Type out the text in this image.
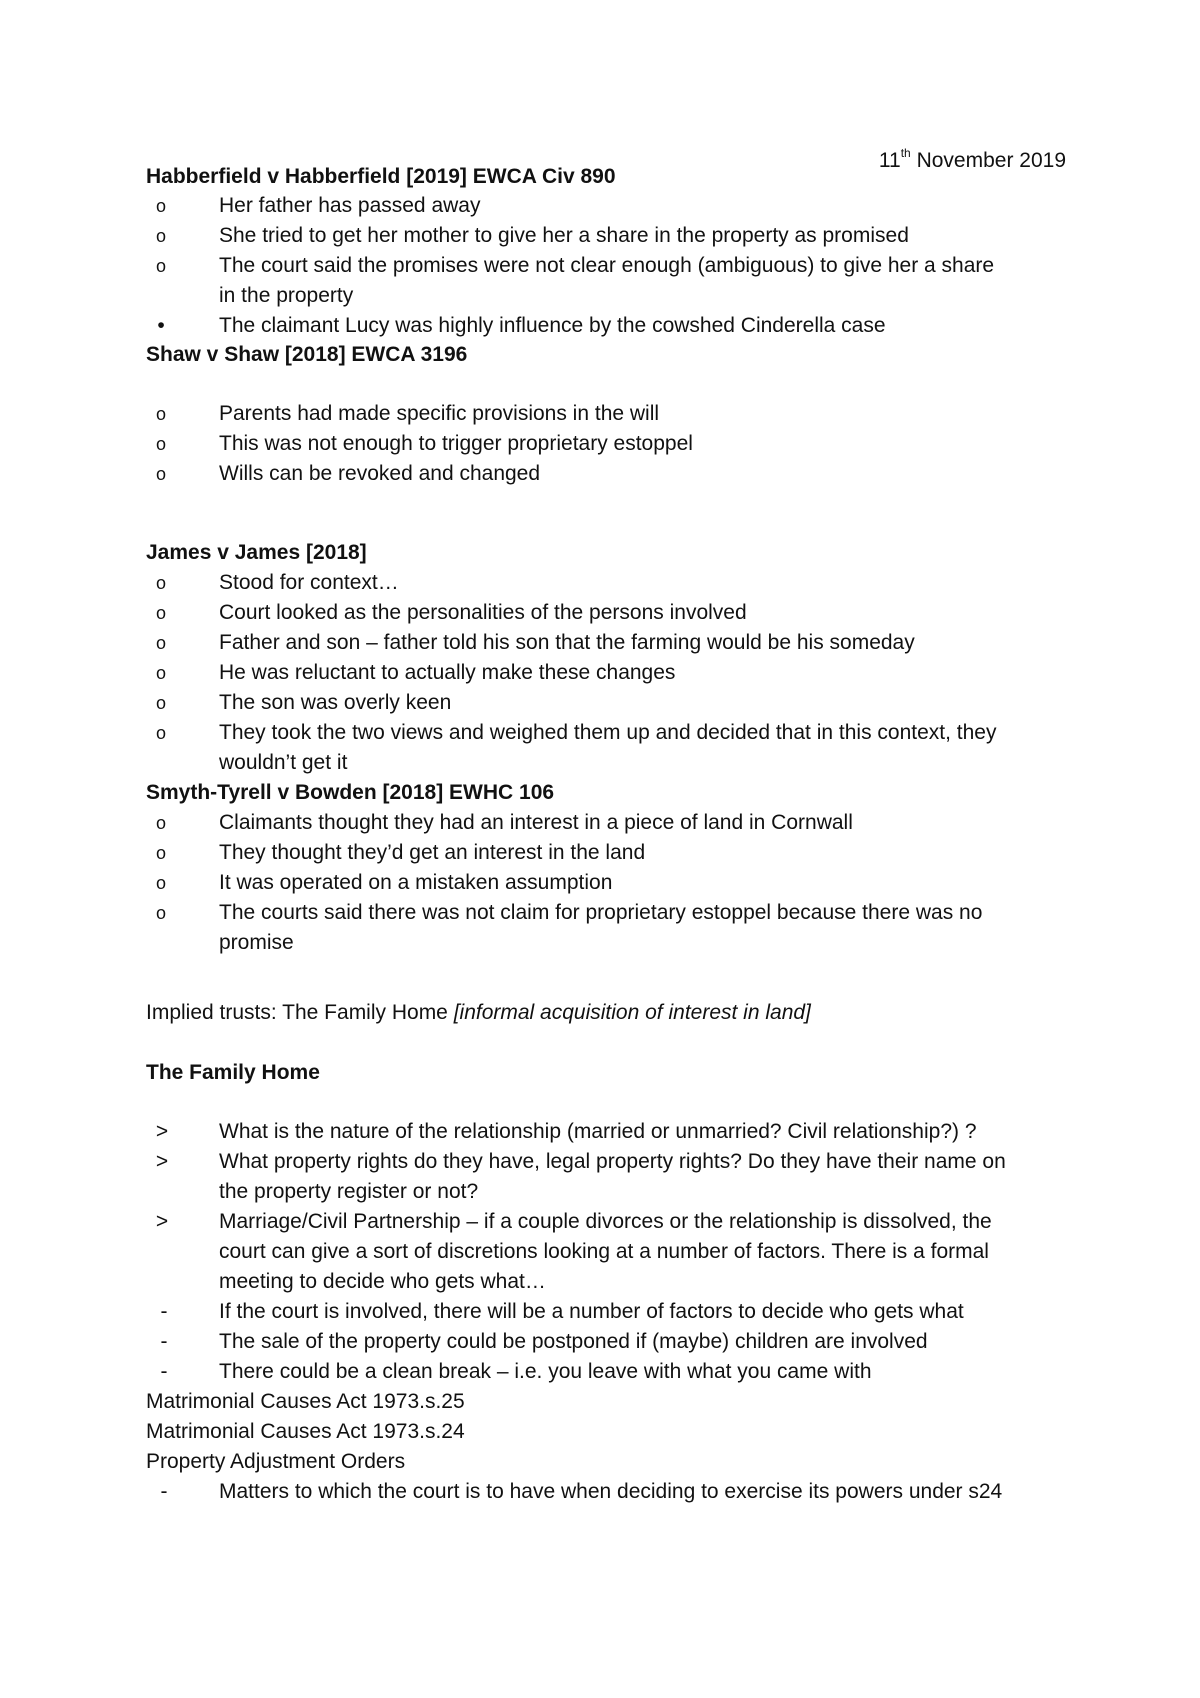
11th November 2019
Habberfield v Habberfield [2019] EWCA Civ 890
o	Her father has passed away
o	She tried to get her mother to give her a share in the property as promised
o	The court said the promises were not clear enough (ambiguous) to give her a share
in the property
•	The claimant Lucy was highly influence by the cowshed Cinderella case
Shaw v Shaw [2018] EWCA 3196
o	Parents had made specific provisions in the will
o	This was not enough to trigger proprietary estoppel
o	Wills can be revoked and changed
James v James [2018]
o	Stood for context…
o	Court looked as the personalities of the persons involved
o	Father and son – father told his son that the farming would be his someday
o	He was reluctant to actually make these changes
o	The son was overly keen
o	They took the two views and weighed them up and decided that in this context, they
wouldn’t get it
Smyth-Tyrell v Bowden [2018] EWHC 106
o	Claimants thought they had an interest in a piece of land in Cornwall
o	They thought they’d get an interest in the land
o	It was operated on a mistaken assumption
o	The courts said there was not claim for proprietary estoppel because there was no
promise
Implied trusts: The Family Home [informal acquisition of interest in land]
The Family Home
>	What is the nature of the relationship (married or unmarried? Civil relationship?) ?
>	What property rights do they have, legal property rights? Do they have their name on
the property register or not?
>	Marriage/Civil Partnership – if a couple divorces or the relationship is dissolved, the
court can give a sort of discretions looking at a number of factors. There is a formal
meeting to decide who gets what…
-	If the court is involved, there will be a number of factors to decide who gets what
-	The sale of the property could be postponed if (maybe) children are involved
-	There could be a clean break – i.e. you leave with what you came with
Matrimonial Causes Act 1973.s.25
Matrimonial Causes Act 1973.s.24
Property Adjustment Orders
-	Matters to which the court is to have when deciding to exercise its powers under s24
